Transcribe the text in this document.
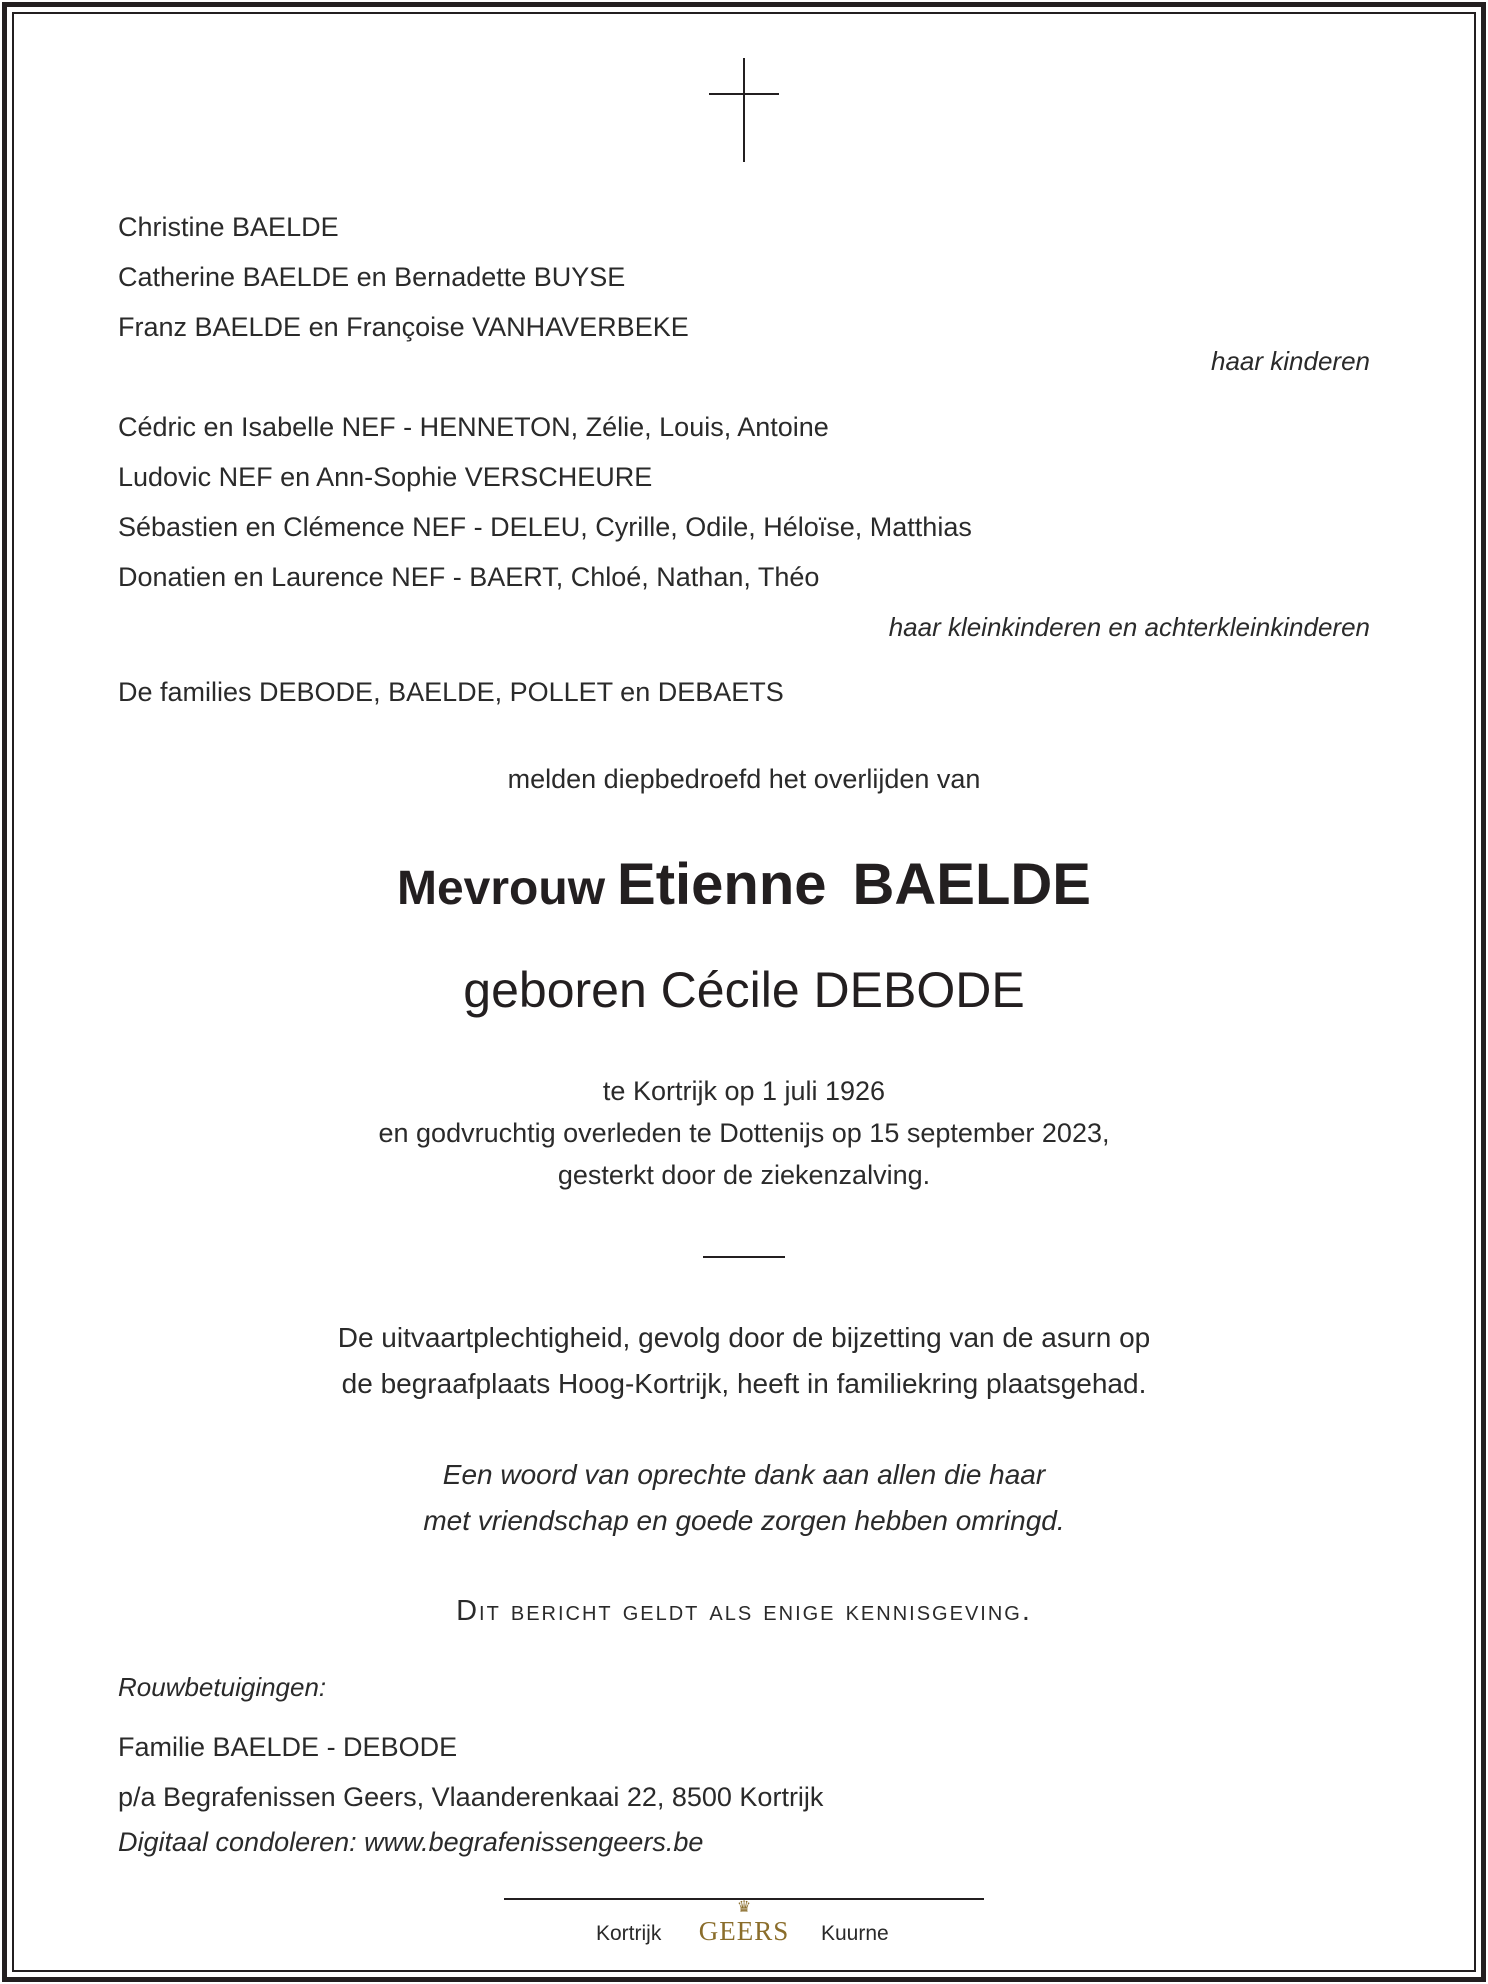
Christine BAELDE
Catherine BAELDE en Bernadette BUYSE
Franz BAELDE en Françoise VANHAVERBEKE
haar kinderen
Cédric en Isabelle NEF - HENNETON, Zélie, Louis, Antoine
Ludovic NEF en Ann-Sophie VERSCHEURE
Sébastien en Clémence NEF - DELEU, Cyrille, Odile, Héloïse, Matthias
Donatien en Laurence NEF - BAERT, Chloé, Nathan, Théo
haar kleinkinderen en achterkleinkinderen
De families DEBODE, BAELDE, POLLET en DEBAETS
melden diepbedroefd het overlijden van
Mevrouw Etienne BAELDE
geboren Cécile DEBODE
te Kortrijk op 1 juli 1926
en godvruchtig overleden te Dottenijs op 15 september 2023,
gesterkt door de ziekenzalving.
De uitvaartplechtigheid, gevolg door de bijzetting van de asurn op
de begraafplaats Hoog-Kortrijk, heeft in familiekring plaatsgehad.
Een woord van oprechte dank aan allen die haar
met vriendschap en goede zorgen hebben omringd.
Dit bericht geldt als enige kennisgeving.
Rouwbetuigingen:
Familie BAELDE - DEBODE
p/a Begrafenissen Geers, Vlaanderenkaai 22, 8500 Kortrijk
Digitaal condoleren: www.begrafenissengeers.be
Kortrijk
♛
GEERS Kuurne
